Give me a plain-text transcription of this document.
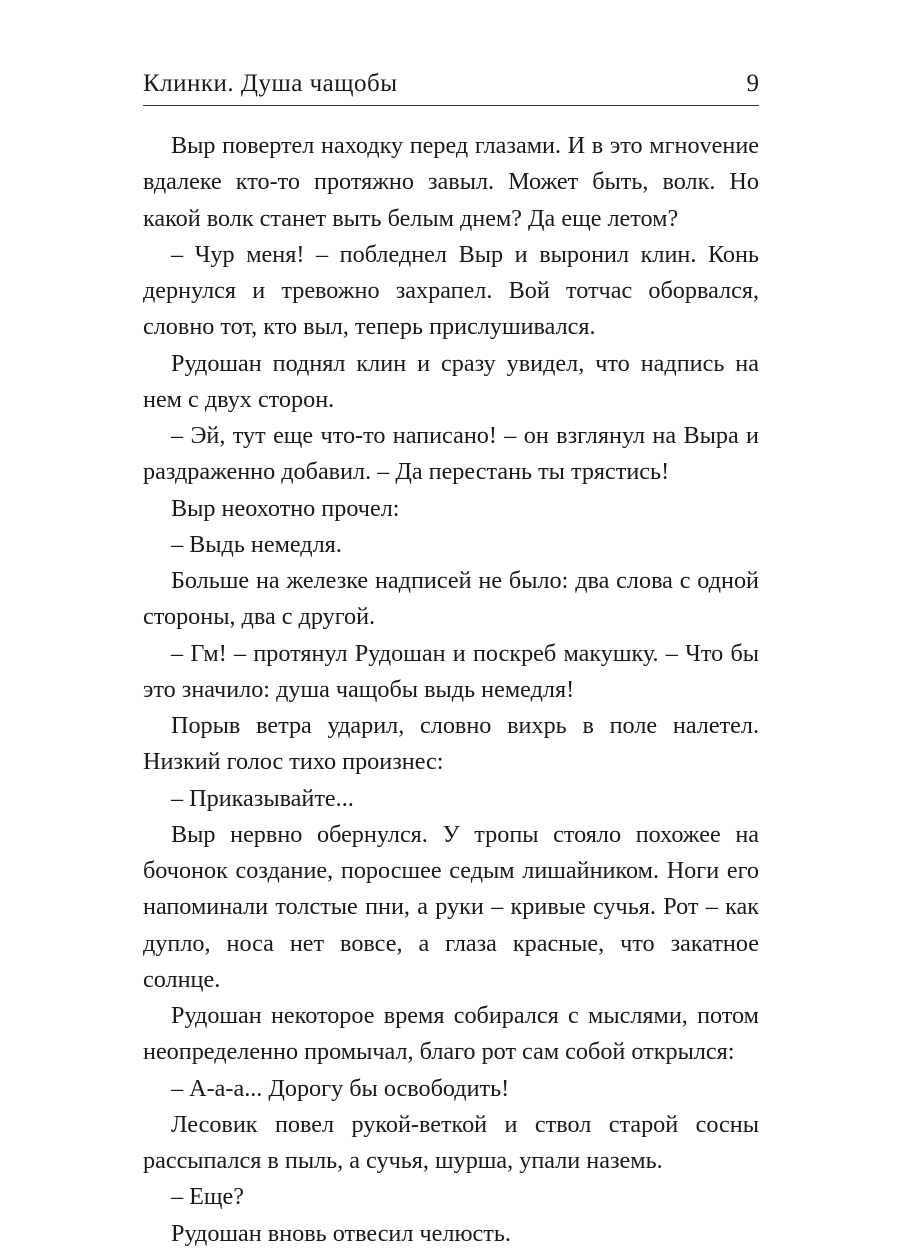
Клинки. Душа чащобы	9

Выр повертел находку перед глазами. И в это мгноvение вдалеке кто-то протяжно завыл. Может быть, волк. Но какой волк станет выть белым днем? Да еще летом?

– Чур меня! – побледнел Выр и выронил клин. Конь дернулся и тревожно захрапел. Вой тотчас оборвался, словно тот, кто выл, теперь прислушивался.

Рудошан поднял клин и сразу увидел, что надпись на нем с двух сторон.

– Эй, тут еще что-то написано! – он взглянул на Выра и раздраженно добавил. – Да перестань ты трястись!

Выр неохотно прочел:

– Выдь немедля.

Больше на железке надписей не было: два слова с одной стороны, два с другой.

– Гм! – протянул Рудошан и поскреб макушку. – Что бы это значило: душа чащобы выдь немедля!

Порыв ветра ударил, словно вихрь в поле налетел. Низкий голос тихо произнес:

– Приказывайте...

Выр нервно обернулся. У тропы стояло похожее на бочонок создание, поросшее седым лишайником. Ноги его напоминали толстые пни, а руки – кривые сучья. Рот – как дупло, носа нет вовсе, а глаза красные, что закатное солнце.

Рудошан некоторое время собирался с мыслями, потом неопределенно промычал, благо рот сам собой открылся:

– А-а-а... Дорогу бы освободить!

Лесовик повел рукой-веткой и ствол старой сосны рассыпался в пыль, а сучья, шурша, упали наземь.

– Еще?

Рудошан вновь отвесил челюсть.
